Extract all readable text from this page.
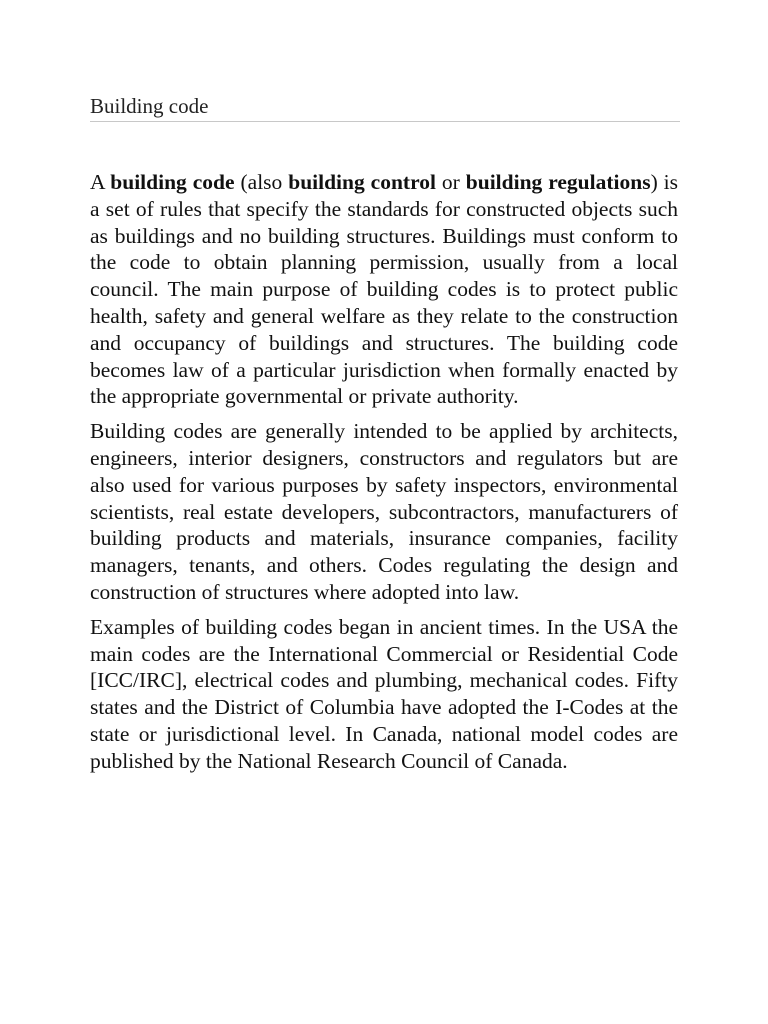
Building code

A building code (also building control or building regulations) is a set of rules that specify the standards for constructed objects such as buildings and no building structures. Buildings must conform to the code to obtain planning permission, usually from a local council. The main purpose of building codes is to protect public health, safety and general welfare as they relate to the construction and occupancy of buildings and structures. The building code becomes law of a particular jurisdiction when formally enacted by the appropriate governmental or private authority.

Building codes are generally intended to be applied by architects, engineers, interior designers, constructors and regulators but are also used for various purposes by safety inspectors, environmental scientists, real estate developers, subcontractors, manufacturers of building products and materials, insurance companies, facility managers, tenants, and others. Codes regulating the design and construction of structures where adopted into law.

Examples of building codes began in ancient times. In the USA the main codes are the International Commercial or Residential Code [ICC/IRC], electrical codes and plumbing, mechanical codes. Fifty states and the District of Columbia have adopted the I-Codes at the state or jurisdictional level. In Canada, national model codes are published by the National Research Council of Canada.
